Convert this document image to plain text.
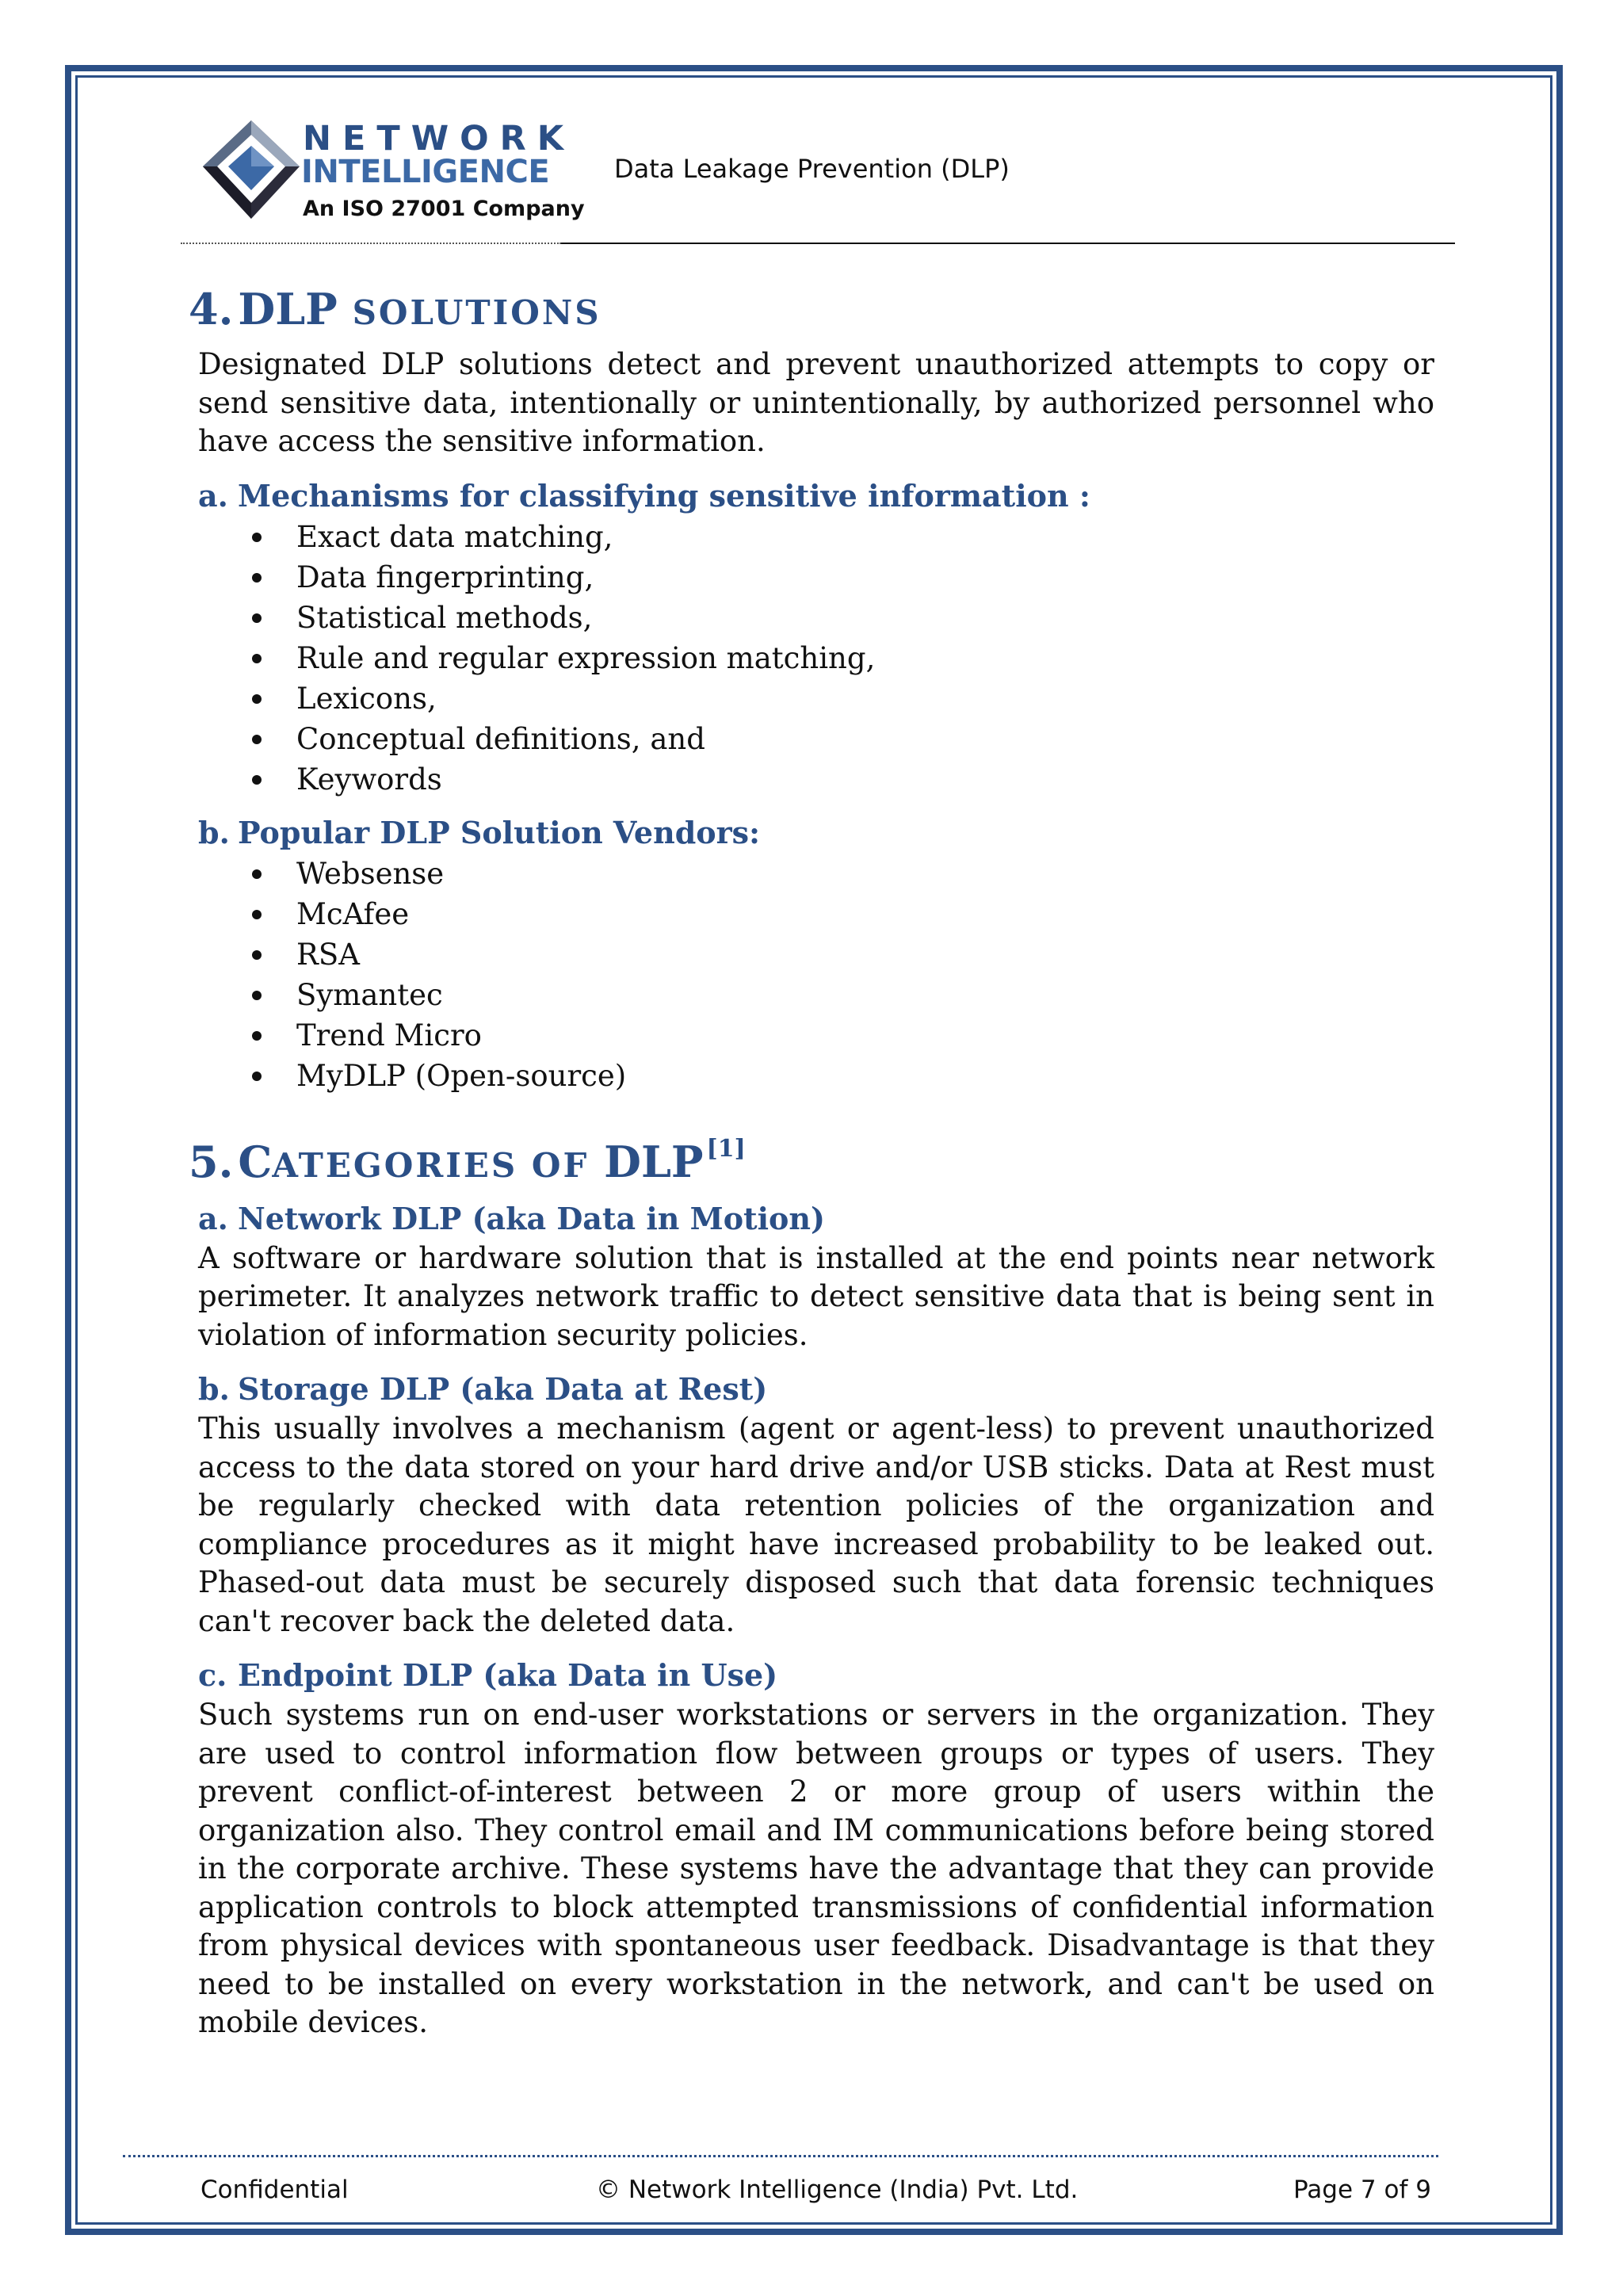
NETWORK
INTELLIGENCE
An ISO 27001 Company
Data Leakage Prevention (DLP)
4. DLP SOLUTIONS

Designated DLP solutions detect and prevent unauthorized attempts to copy or send sensitive data, intentionally or unintentionally, by authorized personnel who have access the sensitive information.

a. Mechanisms for classifying sensitive information :
Exact data matching,
Data fingerprinting,
Statistical methods,
Rule and regular expression matching,
Lexicons,
Conceptual definitions, and
Keywords
b. Popular DLP Solution Vendors:
Websense
McAfee
RSA
Symantec
Trend Micro
MyDLP (Open-source)
5. CATEGORIES OF DLP [1]
a. Network DLP (aka Data in Motion)

A software or hardware solution that is installed at the end points near network perimeter. It analyzes network traffic to detect sensitive data that is being sent in violation of information security policies.

b. Storage DLP (aka Data at Rest)

This usually involves a mechanism (agent or agent-less) to prevent unauthorized access to the data stored on your hard drive and/or USB sticks. Data at Rest must be regularly checked with data retention policies of the organization and compliance procedures as it might have increased probability to be leaked out. Phased-out data must be securely disposed such that data forensic techniques can't recover back the deleted data.

c. Endpoint DLP (aka Data in Use)

Such systems run on end-user workstations or servers in the organization. They are used to control information flow between groups or types of users. They prevent conflict-of-interest between 2 or more group of users within the organization also. They control email and IM communications before being stored in the corporate archive. These systems have the advantage that they can provide application controls to block attempted transmissions of confidential information from physical devices with spontaneous user feedback. Disadvantage is that they need to be installed on every workstation in the network, and can't be used on mobile devices.

Confidential	© Network Intelligence (India) Pvt. Ltd.	Page 7 of 9
